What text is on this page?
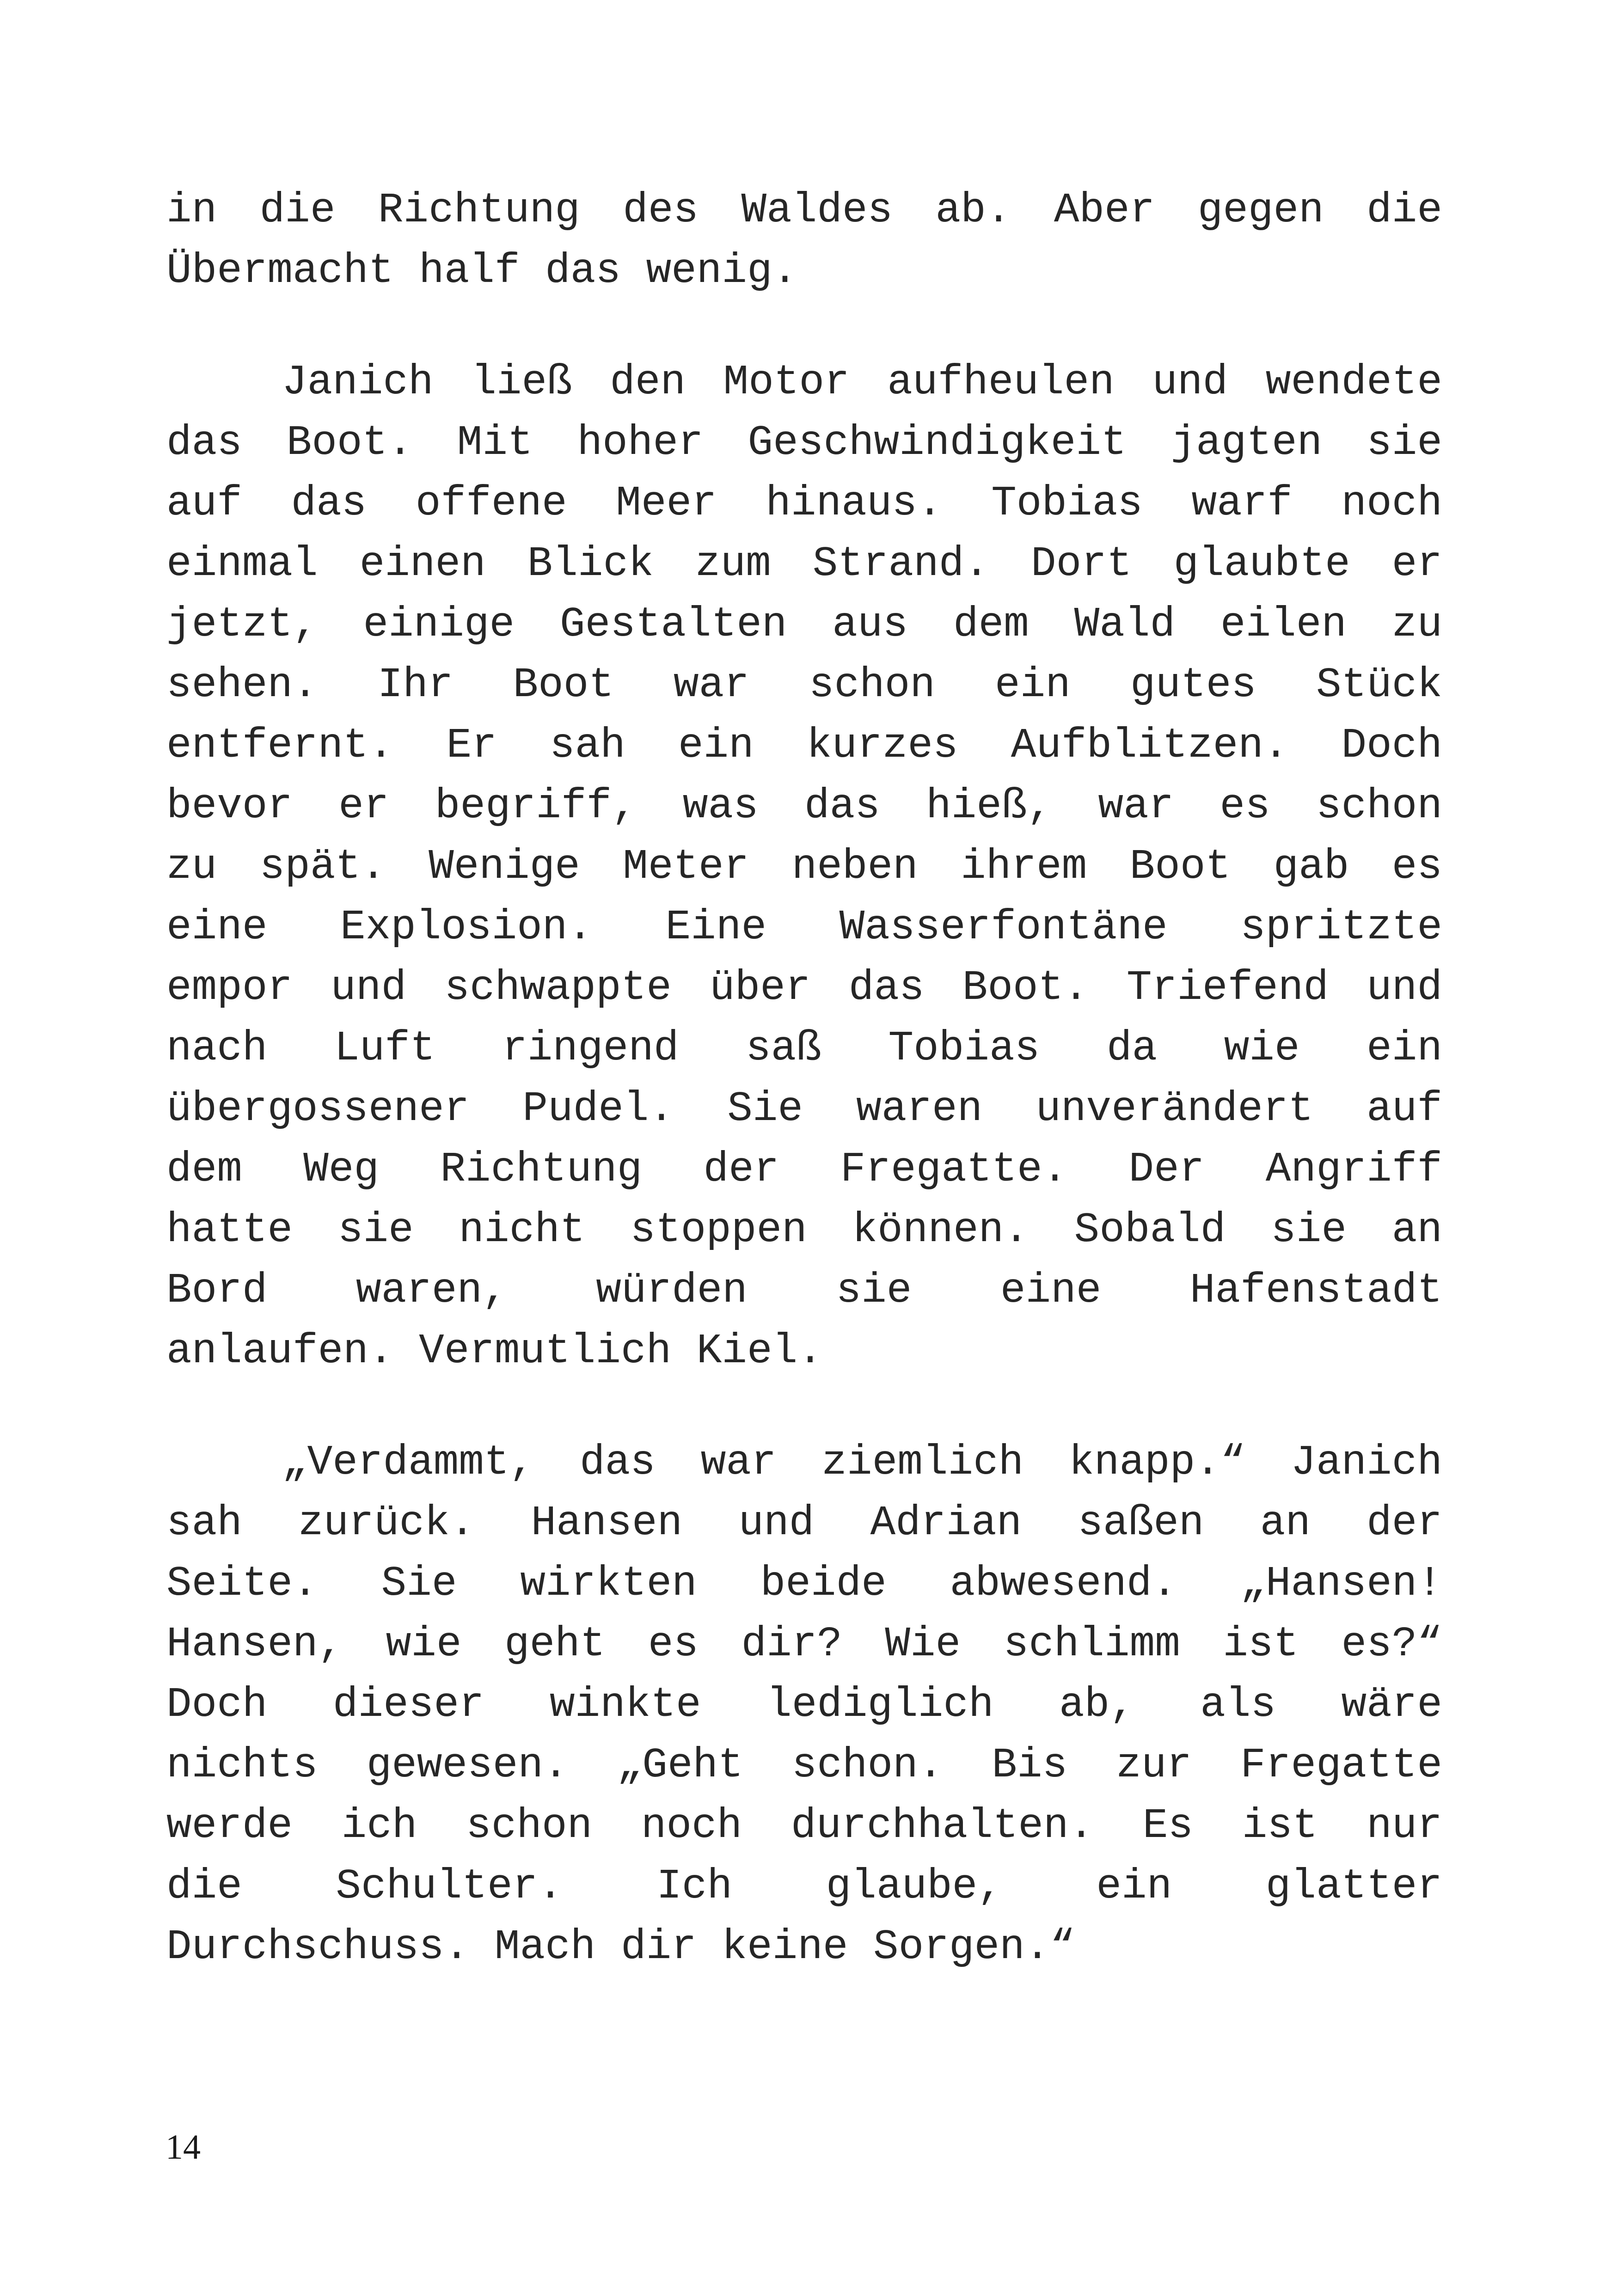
in die Richtung des Waldes ab. Aber gegen die
Übermacht half das wenig.

Janich ließ den Motor aufheulen und wendete
das Boot. Mit hoher Geschwindigkeit jagten sie
auf das offene Meer hinaus. Tobias warf noch
einmal einen Blick zum Strand. Dort glaubte er
jetzt, einige Gestalten aus dem Wald eilen zu
sehen. Ihr Boot war schon ein gutes Stück
entfernt. Er sah ein kurzes Aufblitzen. Doch
bevor er begriff, was das hieß, war es schon
zu spät. Wenige Meter neben ihrem Boot gab es
eine Explosion. Eine Wasserfontäne spritzte
empor und schwappte über das Boot. Triefend und
nach Luft ringend saß Tobias da wie ein
übergossener Pudel. Sie waren unverändert auf
dem Weg Richtung der Fregatte. Der Angriff
hatte sie nicht stoppen können. Sobald sie an
Bord waren, würden sie eine Hafenstadt
anlaufen. Vermutlich Kiel.

„Verdammt, das war ziemlich knapp.“ Janich
sah zurück. Hansen und Adrian saßen an der
Seite. Sie wirkten beide abwesend. „Hansen!
Hansen, wie geht es dir? Wie schlimm ist es?“
Doch dieser winkte lediglich ab, als wäre
nichts gewesen. „Geht schon. Bis zur Fregatte
werde ich schon noch durchhalten. Es ist nur
die Schulter. Ich glaube, ein glatter
Durchschuss. Mach dir keine Sorgen.“

14
